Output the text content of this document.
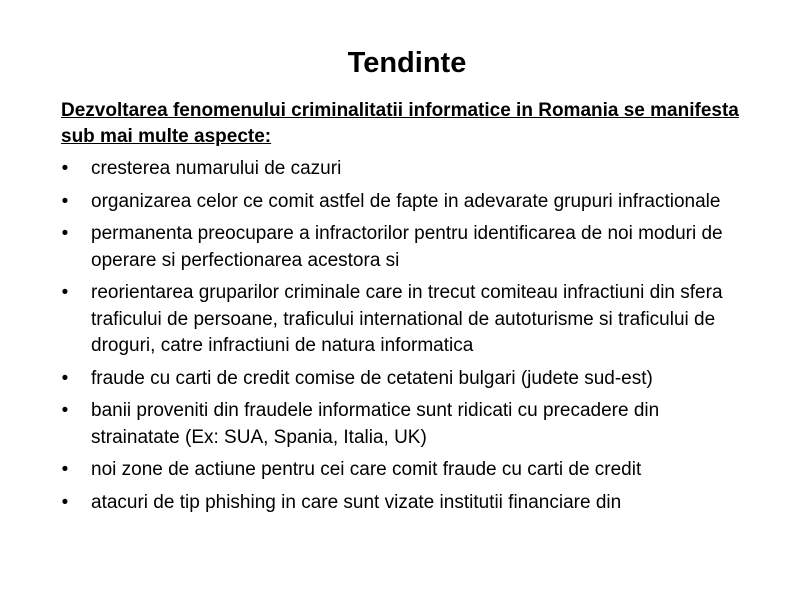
Tendinte

Dezvoltarea fenomenului criminalitatii informatice in Romania se manifesta sub mai multe aspecte:

• cresterea numarului de cazuri
• organizarea celor ce comit astfel de fapte in adevarate grupuri infractionale
• permanenta preocupare a infractorilor pentru identificarea de noi moduri de operare si perfectionarea acestora si
• reorientarea gruparilor criminale care in trecut comiteau infractiuni din sfera traficului de persoane, traficului international de autoturisme si traficului de droguri, catre infractiuni de natura informatica
• fraude cu carti de credit comise de cetateni bulgari (judete sud-est)
• banii proveniti din fraudele informatice sunt ridicati cu precadere din strainatate (Ex: SUA, Spania, Italia, UK)
• noi zone de actiune pentru cei care comit fraude cu carti de credit
• atacuri de tip phishing in care sunt vizate institutii financiare din
